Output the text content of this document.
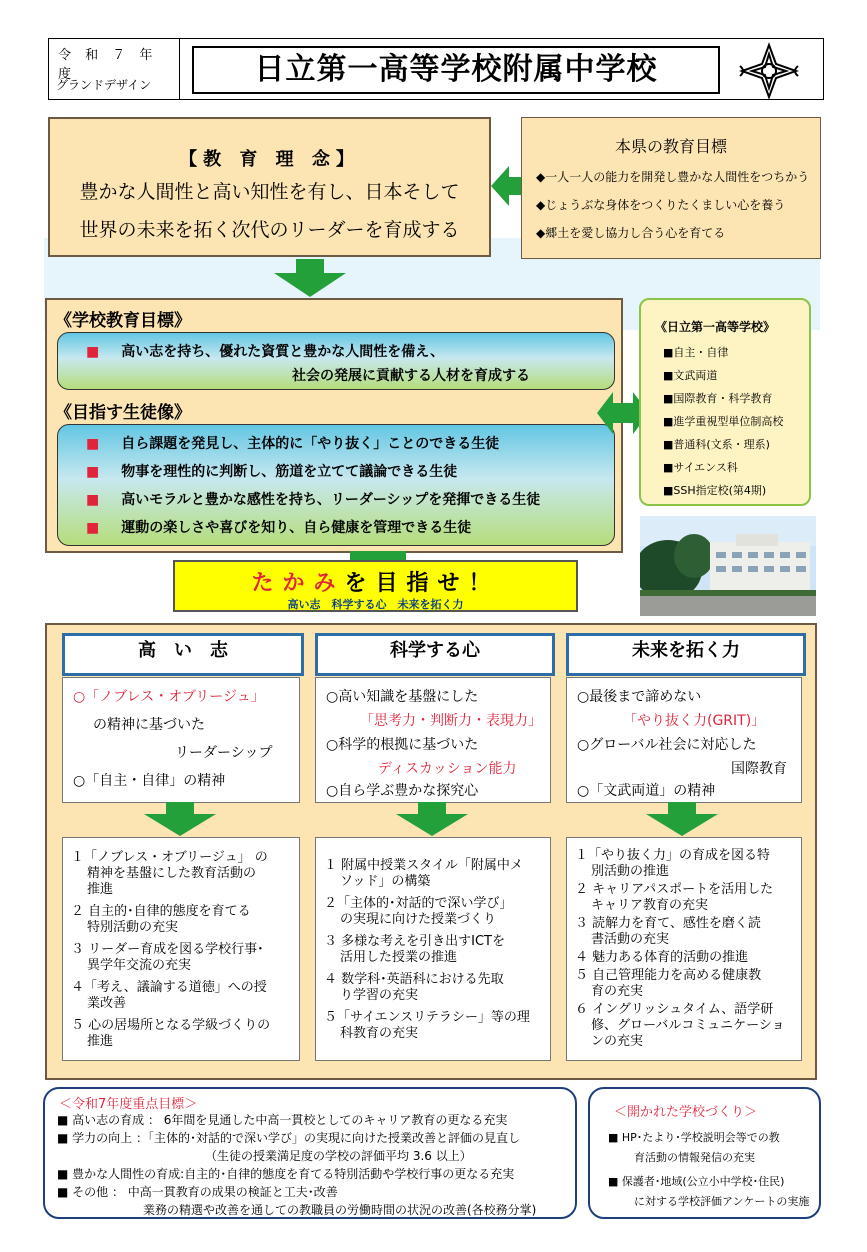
令 和 ７ 年 度
グランドデザイン	日立第一高等学校附属中学校
【教 育 理 念】
豊かな人間性と高い知性を有し、日本そして
世界の未来を拓く次代のリーダーを育成する
本県の教育目標
◆一人一人の能力を開発し豊かな人間性をつちかう
◆じょうぶな身体をつくりたくましい心を養う
◆郷土を愛し協力し合う心を育てる
《学校教育目標》
■ 高い志を持ち、優れた資質と豊かな人間性を備え、
社会の発展に貢献する人材を育成する
《目指す生徒像》
■ 自ら課題を発見し、主体的に「やり抜く」ことのできる生徒
■ 物事を理性的に判断し、筋道を立てて議論できる生徒
■ 高いモラルと豊かな感性を持ち、リーダーシップを発揮できる生徒
■ 運動の楽しさや喜びを知り、自ら健康を管理できる生徒
《日立第一高等学校》
■自主・自律
■文武両道
■国際教育・科学教育
■進学重視型単位制高校
■普通科(文系・理系)
■サイエンス科
■SSH指定校(第4期)
たかみを目指せ！
高い志　科学する心　未来を拓く力
高　い　志
○「ノブレス・オブリージュ」
の精神に基づいた
リーダーシップ
○「自主・自律」の精神
科学する心
○高い知識を基盤にした
「思考力・判断力・表現力」
○科学的根拠に基づいた
ディスカッション能力
○自ら学ぶ豊かな探究心
未来を拓く力
○最後まで諦めない
「やり抜く力(GRIT)」
○グローバル社会に対応した
国際教育
○「文武両道」の精神
１「ノブレス・オブリージュ」 の
精神を基盤にした教育活動の
推進
２ 自主的･自律的態度を育てる
特別活動の充実
３ リーダー育成を図る学校行事･
異学年交流の充実
４「考え、議論する道徳」への授
業改善
５ 心の居場所となる学級づくりの
推進
１ 附属中授業スタイル「附属中メ
ソッド」の構築
２「主体的･対話的で深い学び」
の実現に向けた授業づくり
３ 多様な考えを引き出すICTを
活用した授業の推進
４ 数学科･英語科における先取
り学習の充実
５「サイエンスリテラシー」等の理
科教育の充実
１「やり抜く力」の育成を図る特
別活動の推進
２ キャリアパスポートを活用した
キャリア教育の充実
３ 読解力を育て、感性を磨く読
書活動の充実
４ 魅力ある体育的活動の推進
５ 自己管理能力を高める健康教
育の充実
６ イングリッシュタイム、語学研
修、グローバルコミュニケーショ
ンの充実
＜令和7年度重点目標＞
■ 高い志の育成 ： 6年間を見通した中高一貫校としてのキャリア教育の更なる充実
■ 学力の向上 ：「主体的･対話的で深い学び」の実現に向けた授業改善と評価の見直し
（生徒の授業満足度の学校の評価平均 3.6 以上）
■ 豊かな人間性の育成:自主的･自律的態度を育てる特別活動や学校行事の更なる充実
■ その他 ： 中高一貫教育の成果の検証と工夫･改善
業務の精選や改善を通しての教職員の労働時間の状況の改善(各校務分掌)
＜開かれた学校づくり＞
■ HP･たより･学校説明会等での教
育活動の情報発信の充実
■ 保護者･地域(公立小中学校･住民)
に対する学校評価アンケートの実施
